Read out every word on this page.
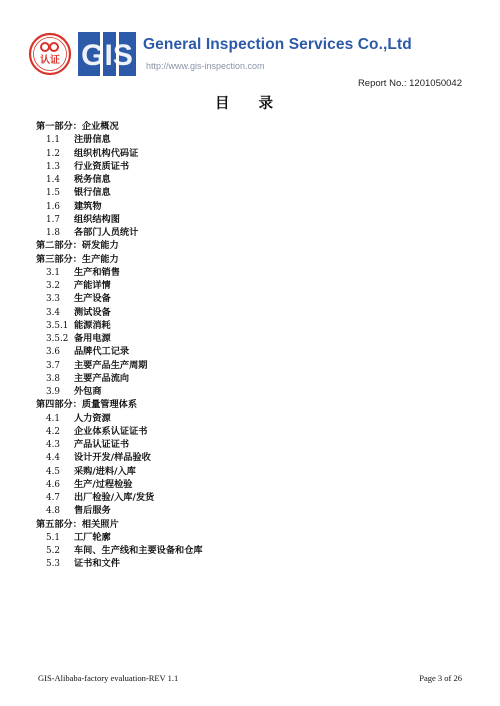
认证 GIS General Inspection Services Co.,Ltd
http://www.gis-inspection.com
Report No.: 1201050042
目 录
第一部分：企业概况
1.1 注册信息
1.2 组织机构代码证
1.3 行业资质证书
1.4 税务信息
1.5 银行信息
1.6 建筑物
1.7 组织结构图
1.8 各部门人员统计
第二部分：研发能力
第三部分：生产能力
3.1 生产和销售
3.2 产能详情
3.3 生产设备
3.4 测试设备
3.5.1 能源消耗
3.5.2 备用电源
3.6 品牌代工记录
3.7 主要产品生产周期
3.8 主要产品流向
3.9 外包商
第四部分：质量管理体系
4.1 人力资源
4.2 企业体系认证证书
4.3 产品认证证书
4.4 设计开发/样品验收
4.5 采购/进料/入库
4.6 生产/过程检验
4.7 出厂检验/入库/发货
4.8 售后服务
第五部分：相关照片
5.1 工厂轮廓
5.2 车间、生产线和主要设备和仓库
5.3 证书和文件
GIS-Alibaba-factory evaluation-REV 1.1	Page 3 of 26
